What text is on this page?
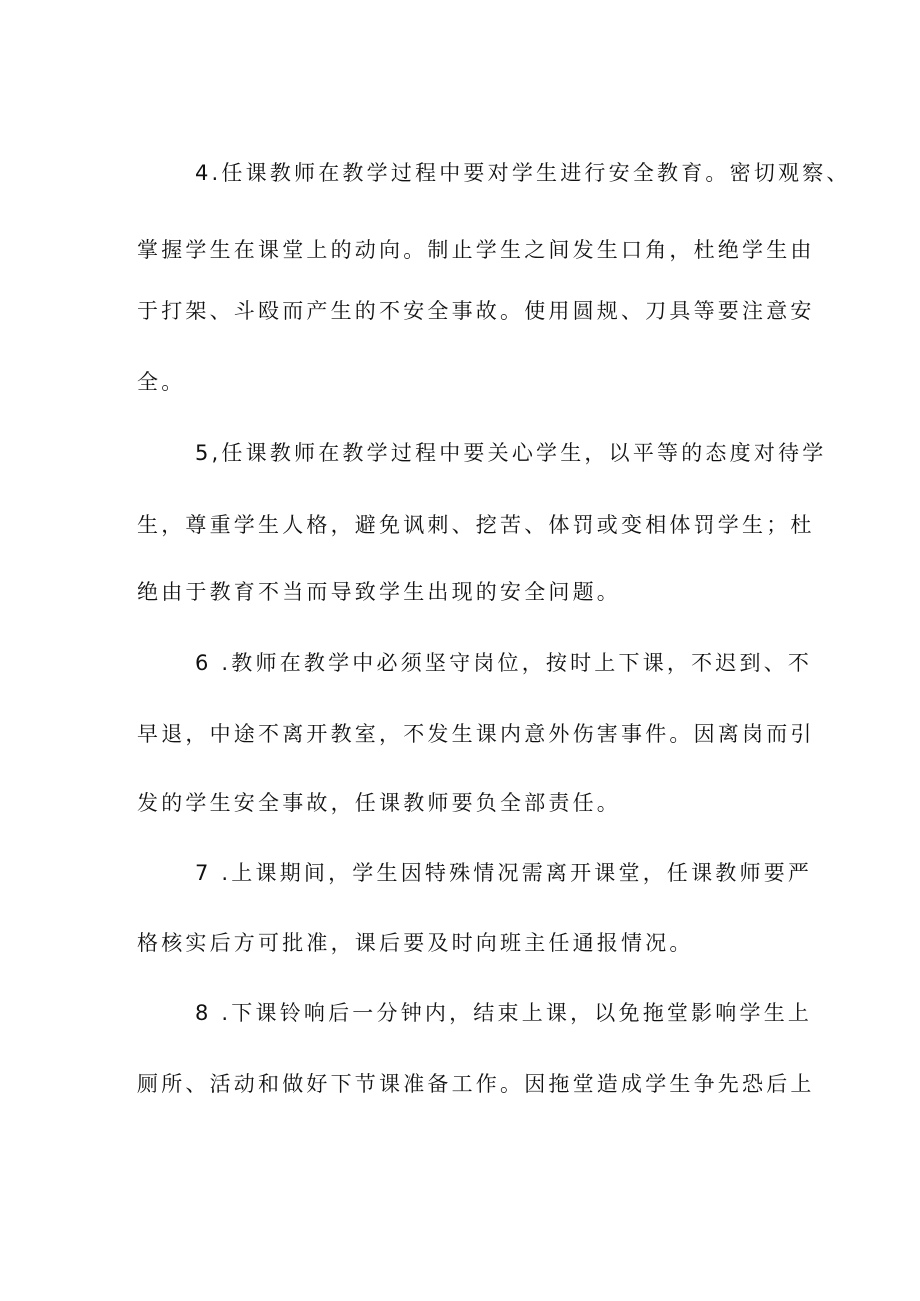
4.任课教师在教学过程中要对学生进行安全教育。密切观察、
掌握学生在课堂上的动向。制止学生之间发生口角，杜绝学生由
于打架、斗殴而产生的不安全事故。使用圆规、刀具等要注意安
全。
5,任课教师在教学过程中要关心学生，以平等的态度对待学
生，尊重学生人格，避免讽刺、挖苦、体罚或变相体罚学生；杜
绝由于教育不当而导致学生出现的安全问题。
6 .教师在教学中必须坚守岗位，按时上下课，不迟到、不
早退，中途不离开教室，不发生课内意外伤害事件。因离岗而引
发的学生安全事故，任课教师要负全部责任。
7 .上课期间，学生因特殊情况需离开课堂，任课教师要严
格核实后方可批准，课后要及时向班主任通报情况。
8 .下课铃响后一分钟内，结束上课，以免拖堂影响学生上
厕所、活动和做好下节课准备工作。因拖堂造成学生争先恐后上
